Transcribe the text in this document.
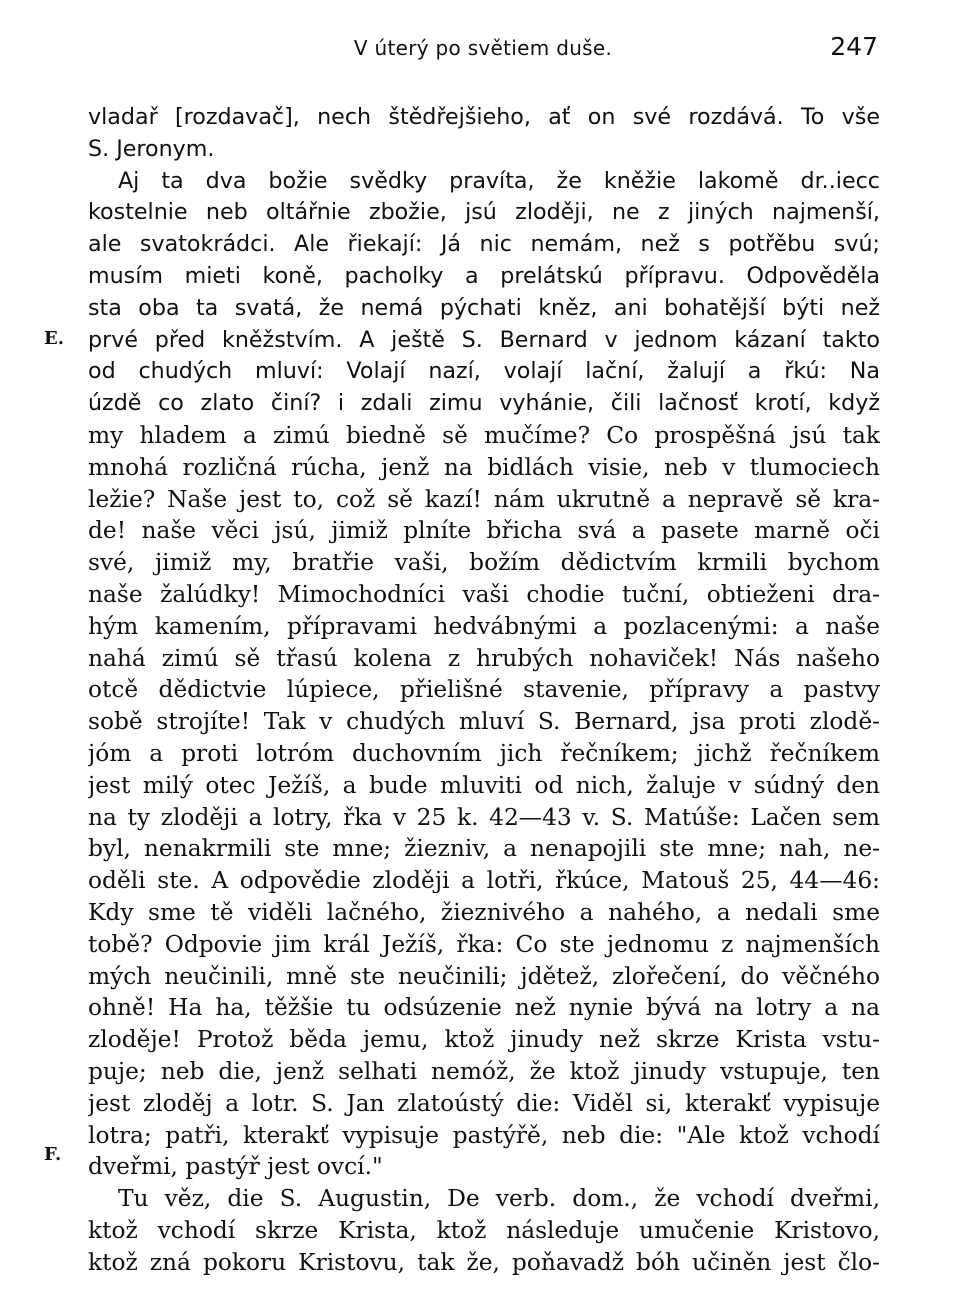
V úterý po světiem duše.	247
E.
F.
vladař [rozdavač], nech štědřejšieho, ať on své rozdává. To vše
S. Jeronym.
Aj ta dva božie svědky pravíta, že kněžie lakomě dr..iecc
kostelnie neb oltářnie zbožie, jsú zloději, ne z jiných najmenší,
ale svatokrádci. Ale řiekají: Já nic nemám, než s potřěbu svú;
musím mieti koně, pacholky a prelátskú přípravu. Odpověděla
sta oba ta svatá, že nemá pýchati kněz, ani bohatější býti než
prvé před kněžstvím. A ještě S. Bernard v jednom kázaní takto
od chudých mluví: Volají nazí, volají lační, žalují a řkú: Na
úzdě co zlato činí? i zdali zimu vyhánie, čili lačnosť krotí, když
my hladem a zimú biedně sě mučíme? Co prospěšná jsú tak
mnohá rozličná rúcha, jenž na bidlách visie, neb v tlumociech
ležie? Naše jest to, což sě kazí! nám ukrutně a nepravě sě kra-
de! naše věci jsú, jimiž plníte břicha svá a pasete marně oči
své, jimiž my, bratřie vaši, božím dědictvím krmili bychom
naše žalúdky! Mimochodníci vaši chodie tuční, obtieženi dra-
hým kamením, přípravami hedvábnými a pozlacenými: a naše
nahá zimú sě třasú kolena z hrubých nohaviček! Nás našeho
otcě dědictvie lúpiece, přielišné stavenie, přípravy a pastvy
sobě strojíte! Tak v chudých mluví S. Bernard, jsa proti zlodě-
jóm a proti lotróm duchovním jich řečníkem; jichž řečníkem
jest milý otec Ježíš, a bude mluviti od nich, žaluje v súdný den
na ty zloději a lotry, řka v 25 k. 42—43 v. S. Matúše: Lačen sem
byl, nenakrmili ste mne; žiezniv, a nenapojili ste mne; nah, ne-
oděli ste. A odpovědie zloději a lotři, řkúce, Matouš 25, 44—46:
Kdy sme tě viděli lačného, žieznivého a nahého, a nedali sme
tobě? Odpovie jim král Ježíš, řka: Co ste jednomu z najmenších
mých neučinili, mně ste neučinili; jdětež, zlořečení, do věčného
ohně! Ha ha, těžšie tu odsúzenie než nynie bývá na lotry a na
zloděje! Protož běda jemu, ktož jinudy než skrze Krista vstu-
puje; neb die, jenž selhati nemóž, že ktož jinudy vstupuje, ten
jest zloděj a lotr. S. Jan zlatoústý die: Viděl si, kterakť vypisuje
lotra; patři, kterakť vypisuje pastýřě, neb die: "Ale ktož vchodí
dveřmi, pastýř jest ovcí."
Tu věz, die S. Augustin, De verb. dom., že vchodí dveřmi,
ktož vchodí skrze Krista, ktož následuje umučenie Kristovo,
ktož zná pokoru Kristovu, tak že, poňavadž bóh učiněn jest člo-
